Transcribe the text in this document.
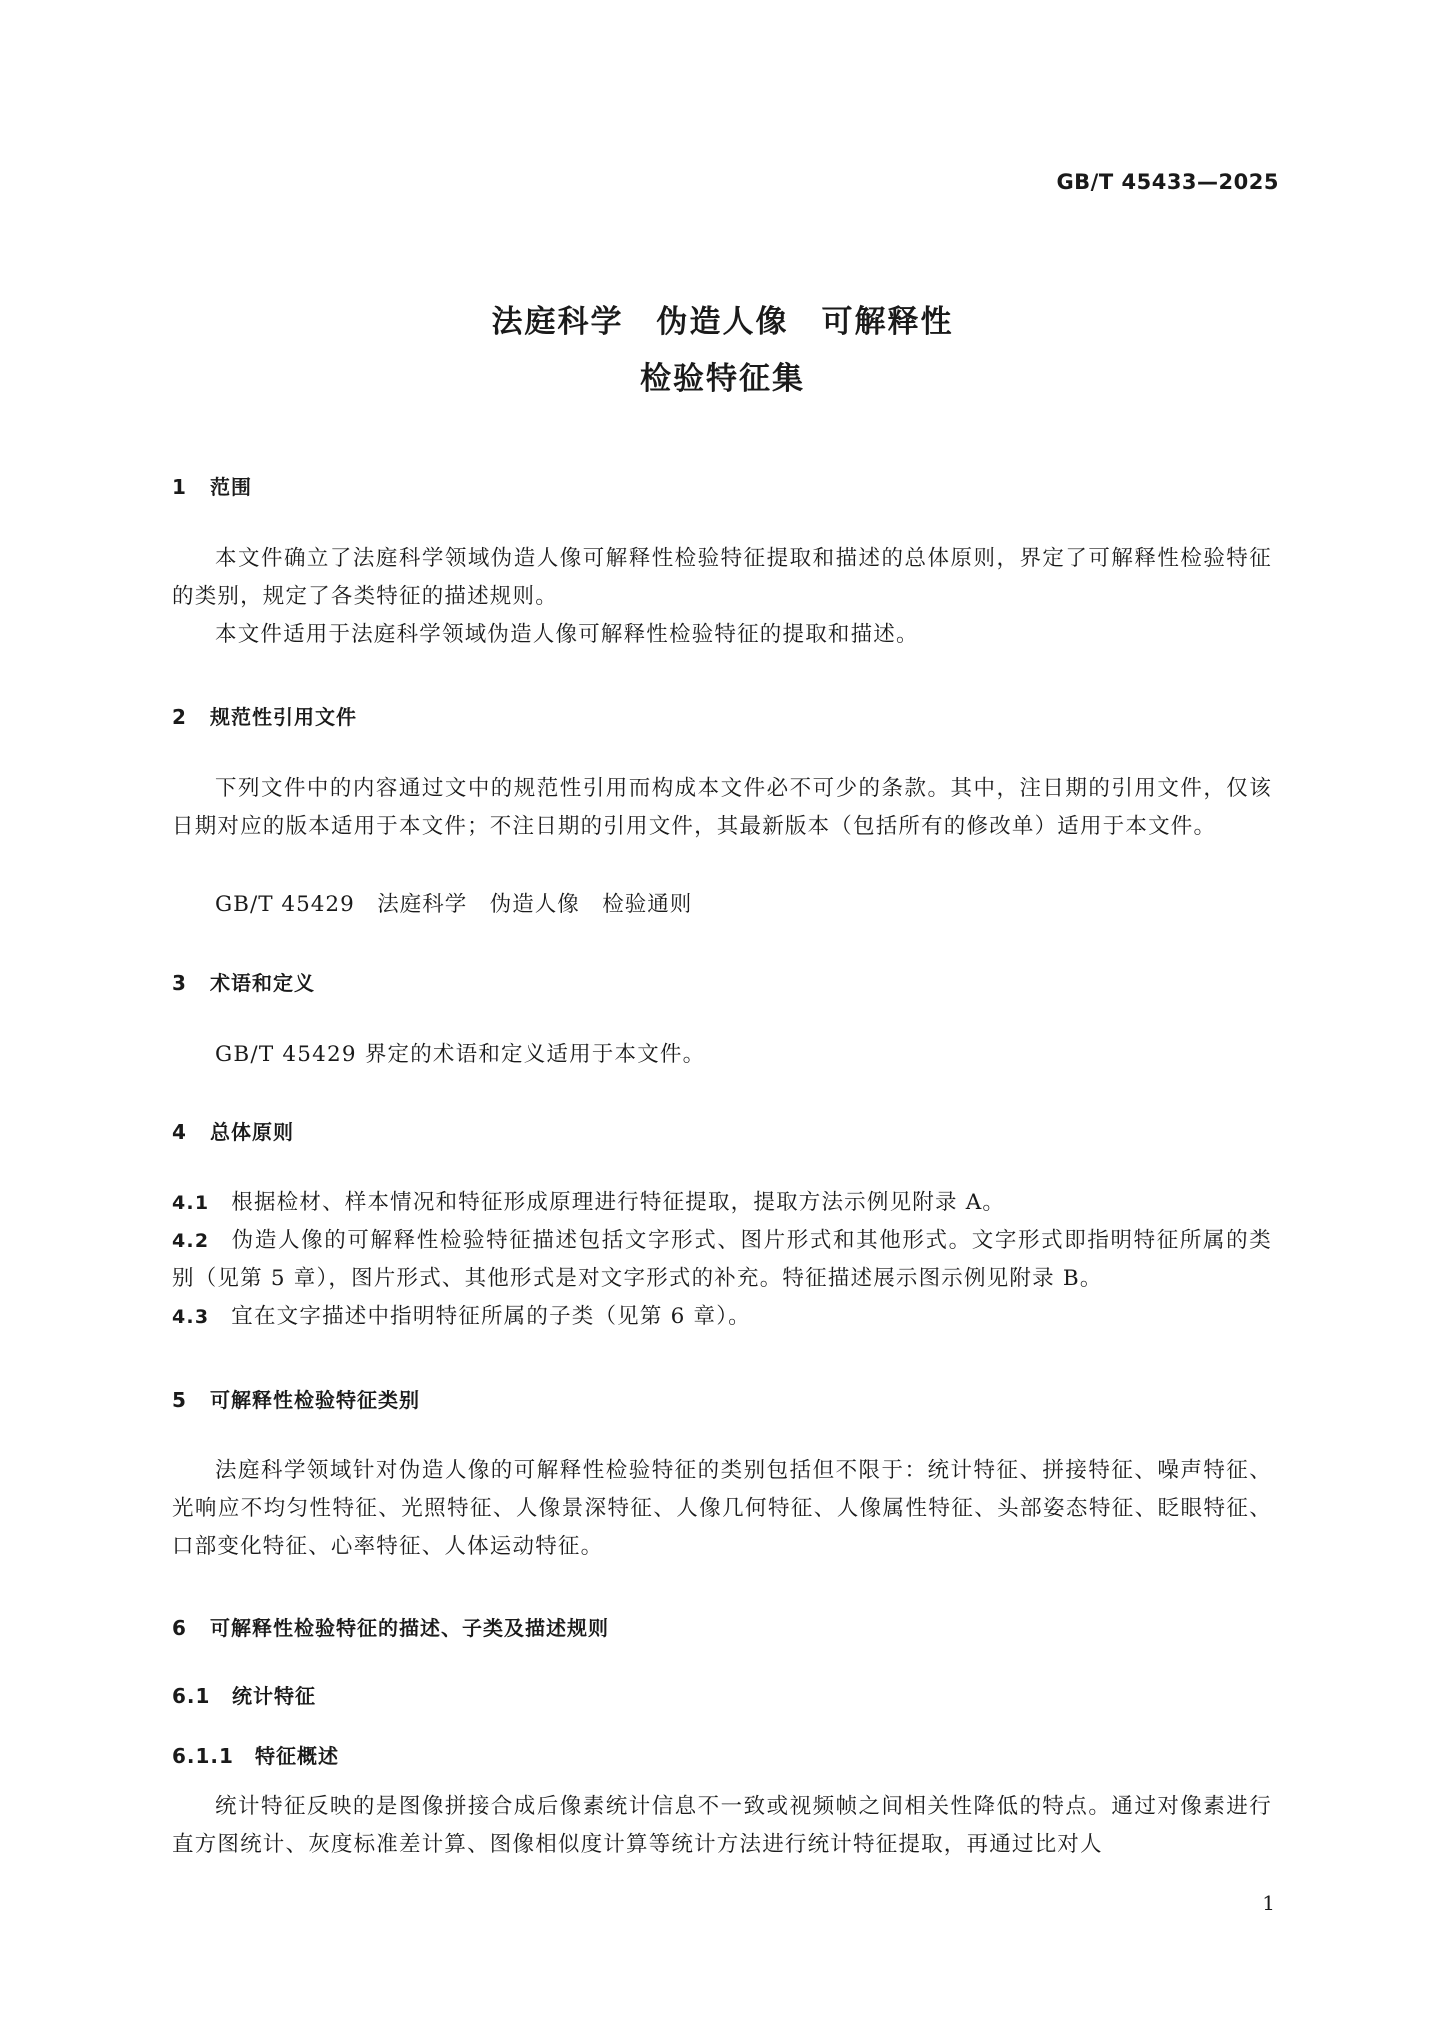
GB/T 45433—2025
法庭科学　伪造人像　可解释性
检验特征集
1 范围
本文件确立了法庭科学领域伪造人像可解释性检验特征提取和描述的总体原则，界定了可解释性检验特征的类别，规定了各类特征的描述规则。
本文件适用于法庭科学领域伪造人像可解释性检验特征的提取和描述。
2 规范性引用文件
下列文件中的内容通过文中的规范性引用而构成本文件必不可少的条款。其中，注日期的引用文件，仅该日期对应的版本适用于本文件；不注日期的引用文件，其最新版本（包括所有的修改单）适用于本文件。
GB/T 45429　法庭科学　伪造人像　检验通则
3 术语和定义
GB/T 45429 界定的术语和定义适用于本文件。
4 总体原则
4.1 根据检材、样本情况和特征形成原理进行特征提取，提取方法示例见附录 A。
4.2 伪造人像的可解释性检验特征描述包括文字形式、图片形式和其他形式。文字形式即指明特征所属的类别（见第 5 章），图片形式、其他形式是对文字形式的补充。特征描述展示图示例见附录 B。
4.3 宜在文字描述中指明特征所属的子类（见第 6 章）。
5 可解释性检验特征类别
法庭科学领域针对伪造人像的可解释性检验特征的类别包括但不限于：统计特征、拼接特征、噪声特征、光响应不均匀性特征、光照特征、人像景深特征、人像几何特征、人像属性特征、头部姿态特征、眨眼特征、口部变化特征、心率特征、人体运动特征。
6 可解释性检验特征的描述、子类及描述规则
6.1 统计特征
6.1.1 特征概述
统计特征反映的是图像拼接合成后像素统计信息不一致或视频帧之间相关性降低的特点。通过对像素进行直方图统计、灰度标准差计算、图像相似度计算等统计方法进行统计特征提取，再通过比对人
1
